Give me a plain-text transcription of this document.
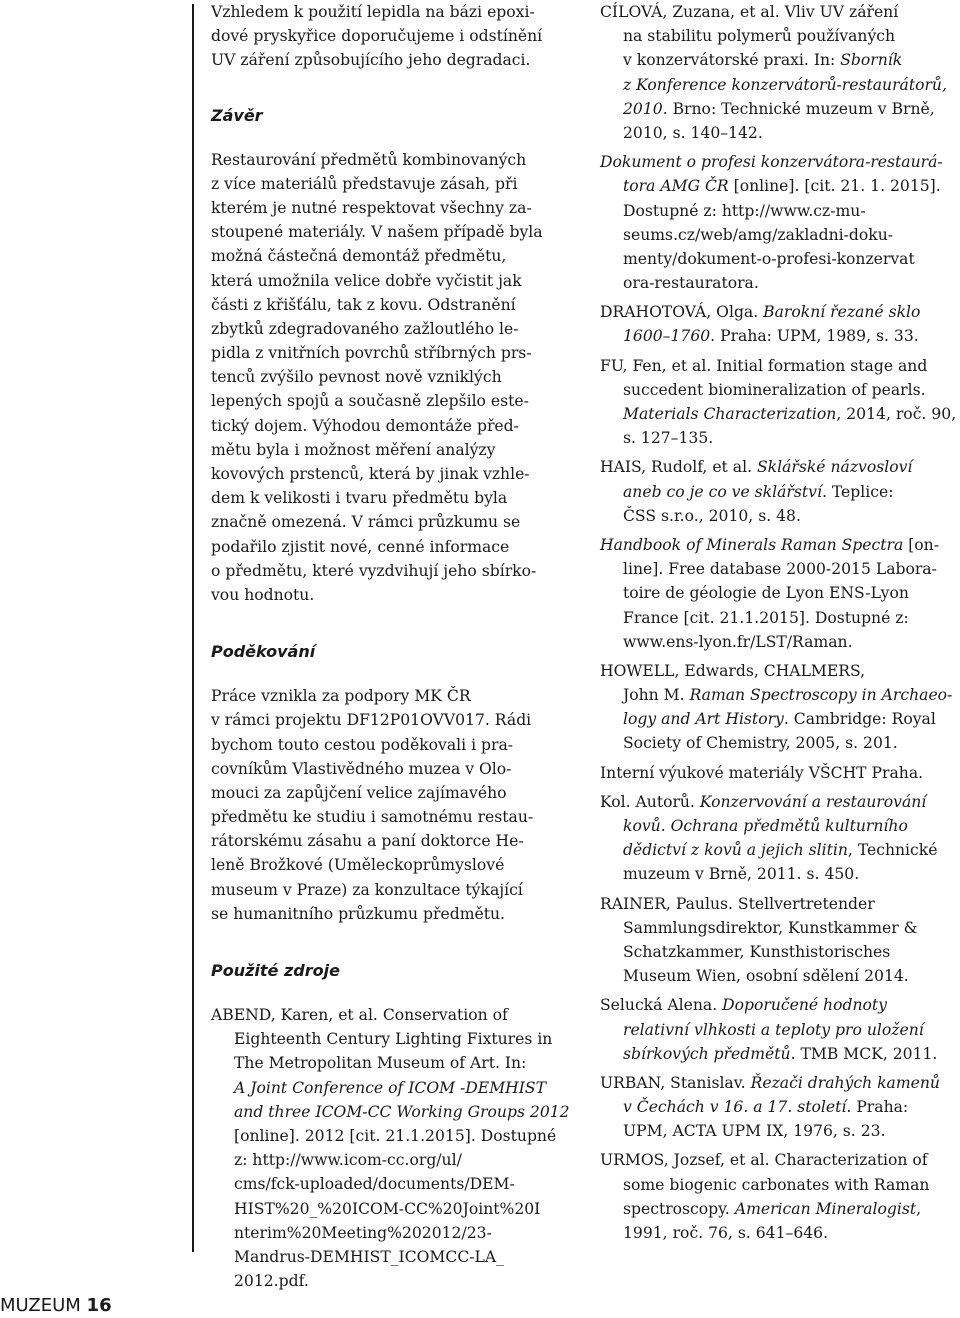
Vzhledem k použití lepidla na bázi epoxi-
dové pryskyřice doporučujeme i odstínění
UV záření způsobujícího jeho degradaci.
Závěr
Restaurování předmětů kombinovaných
z více materiálů představuje zásah, při
kterém je nutné respektovat všechny za-
stoupené materiály. V našem případě byla
možná částečná demontáž předmětu,
která umožnila velice dobře vyčistit jak
části z křišťálu, tak z kovu. Odstranění
zbytků zdegradovaného zažloutlého le-
pidla z vnitřních povrchů stříbrných prs-
tenců zvýšilo pevnost nově vzniklých
lepených spojů a současně zlepšilo este-
tický dojem. Výhodou demontáže před-
mětu byla i možnost měření analýzy
kovových prstenců, která by jinak vzhle-
dem k velikosti i tvaru předmětu byla
značně omezená. V rámci průzkumu se
podařilo zjistit nové, cenné informace
o předmětu, které vyzdvihují jeho sbírko-
vou hodnotu.
Poděkování
Práce vznikla za podpory MK ČR
v rámci projektu DF12P01OVV017. Rádi
bychom touto cestou poděkovali i pra-
covníkům Vlastivědného muzea v Olo-
mouci za zapůjčení velice zajímavého
předmětu ke studiu i samotnému restau-
rátorskému zásahu a paní doktorce He-
leně Brožkové (Uměleckoprůmyslové
museum v Praze) za konzultace týkající
se humanitního průzkumu předmětu.
Použité zdroje
ABEND, Karen, et al. Conservation of
Eighteenth Century Lighting Fixtures in
The Metropolitan Museum of Art. In:
A Joint Conference of ICOM -DEMHIST
and three ICOM-CC Working Groups 2012
[online]. 2012 [cit. 21.1.2015]. Dostupné
z: http://www.icom-cc.org/ul/
cms/fck-uploaded/documents/DEM-
HIST%20_%20ICOM-CC%20Joint%20I
nterim%20Meeting%202012/23-
Mandrus-DEMHIST_ICOMCC-LA_
2012.pdf.
CÍLOVÁ, Zuzana, et al. Vliv UV záření
na stabilitu polymerů používaných
v konzervátorské praxi. In: Sborník
z Konference konzervátorů-restaurátorů,
2010. Brno: Technické muzeum v Brně,
2010, s. 140–142.
Dokument o profesi konzervátora-restaurá-
tora AMG ČR [online]. [cit. 21. 1. 2015].
Dostupné z: http://www.cz-mu-
seums.cz/web/amg/zakladni-doku-
menty/dokument-o-profesi-konzervat
ora-restauratora.
DRAHOTOVÁ, Olga. Barokní řezané sklo
1600–1760. Praha: UPM, 1989, s. 33.
FU, Fen, et al. Initial formation stage and
succedent biomineralization of pearls.
Materials Characterization, 2014, roč. 90,
s. 127–135.
HAIS, Rudolf, et al. Sklářské názvosloví
aneb co je co ve sklářství. Teplice:
ČSS s.r.o., 2010, s. 48.
Handbook of Minerals Raman Spectra [on-
line]. Free database 2000-2015 Labora-
toire de géologie de Lyon ENS-Lyon
France [cit. 21.1.2015]. Dostupné z:
www.ens-lyon.fr/LST/Raman.
HOWELL, Edwards, CHALMERS,
John M. Raman Spectroscopy in Archaeo-
logy and Art History. Cambridge: Royal
Society of Chemistry, 2005, s. 201.
Interní výukové materiály VŠCHT Praha.
Kol. Autorů. Konzervování a restaurování
kovů. Ochrana předmětů kulturního
dědictví z kovů a jejich slitin, Technické
muzeum v Brně, 2011. s. 450.
RAINER, Paulus. Stellvertretender
Sammlungsdirektor, Kunstkammer &
Schatzkammer, Kunsthistorisches
Museum Wien, osobní sdělení 2014.
Selucká Alena. Doporučené hodnoty
relativní vlhkosti a teploty pro uložení
sbírkových předmětů. TMB MCK, 2011.
URBAN, Stanislav. Řezači drahých kamenů
v Čechách v 16. a 17. století. Praha:
UPM, ACTA UPM IX, 1976, s. 23.
URMOS, Jozsef, et al. Characterization of
some biogenic carbonates with Raman
spectroscopy. American Mineralogist,
1991, roč. 76, s. 641–646.
MUZEUM 16
